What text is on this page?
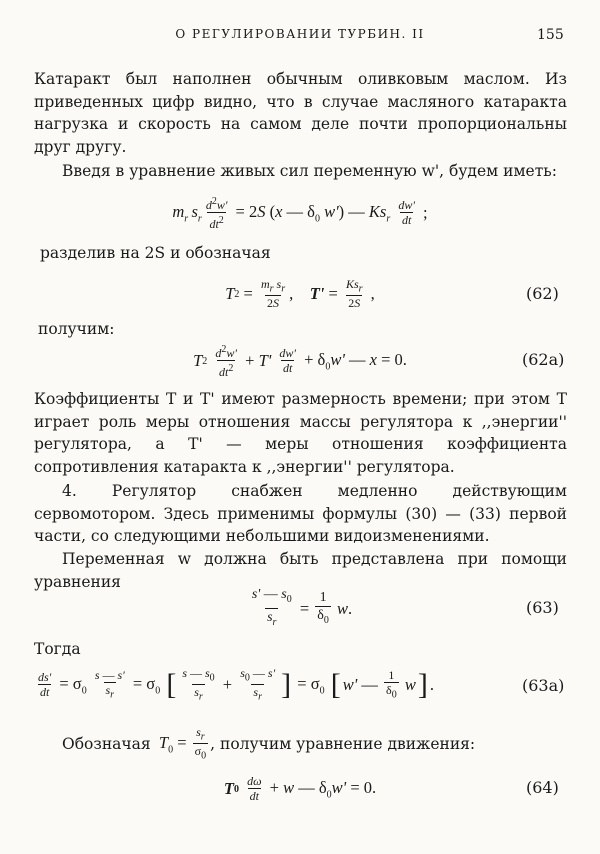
О РЕГУЛИРОВАНИИ ТУРБИН. II	155

Катаракт был наполнен обычным оливковым маслом. Из приведенных цифр видно, что в случае масляного катаракта нагрузка и скорость на самом деле почти пропорциональны друг другу.

Введя в уравнение живых сил переменную w', будем иметь:

$m_r$ $s_r \frac{d^2w'}{dt^2} = 2S$ (x — $\delta_0$ w') — $Ks_r \frac{dw'}{dt}$ ;

разделив на 2S и обозначая

T $2 = \frac{m_r s_r}{2S}$ , $T' = \frac{Ks_r}{2S}$ ,	(62)

получим:

T 2
$\frac{d^2w'}{dt^2} + T' \frac{dw'}{dt} + \delta_0w'$ — x = 0.	(62a)

Коэффициенты T и T' имеют размерность времени; при этом T играет роль меры отношения массы регулятора к ,,энергии'' регулятора, а T' — меры отношения коэффициента сопротивления катаракта к ,,энергии'' регулятора.

4. Регулятор снабжен медленно действующим сервомотором. Здесь применимы формулы (30) — (33) первой части, со следующими небольшими видоизменениями.

Переменная w должна быть представлена при помощи уравнения

$\frac{s' — s_0}{s_r} = \frac{1}{\delta_0} w$.	(63)
Тогда
$\frac{ds'}{dt} = \sigma_0 \frac{s — s'}{s_r} = \sigma_0$ [ $\frac{s — s_0}{s_r} + \frac{s_0 — s'}{s_r}$ ] = $\sigma_0$ [ w' — $\frac{1}{\delta_0}$ w ] .	(63a)
Обозначая $T_0 = \frac{s_r}{\sigma_0}$ , получим уравнение движения:
T 0
$\frac{d\omega}{dt} + w$ — $\delta_0w' = 0$.	(64)
